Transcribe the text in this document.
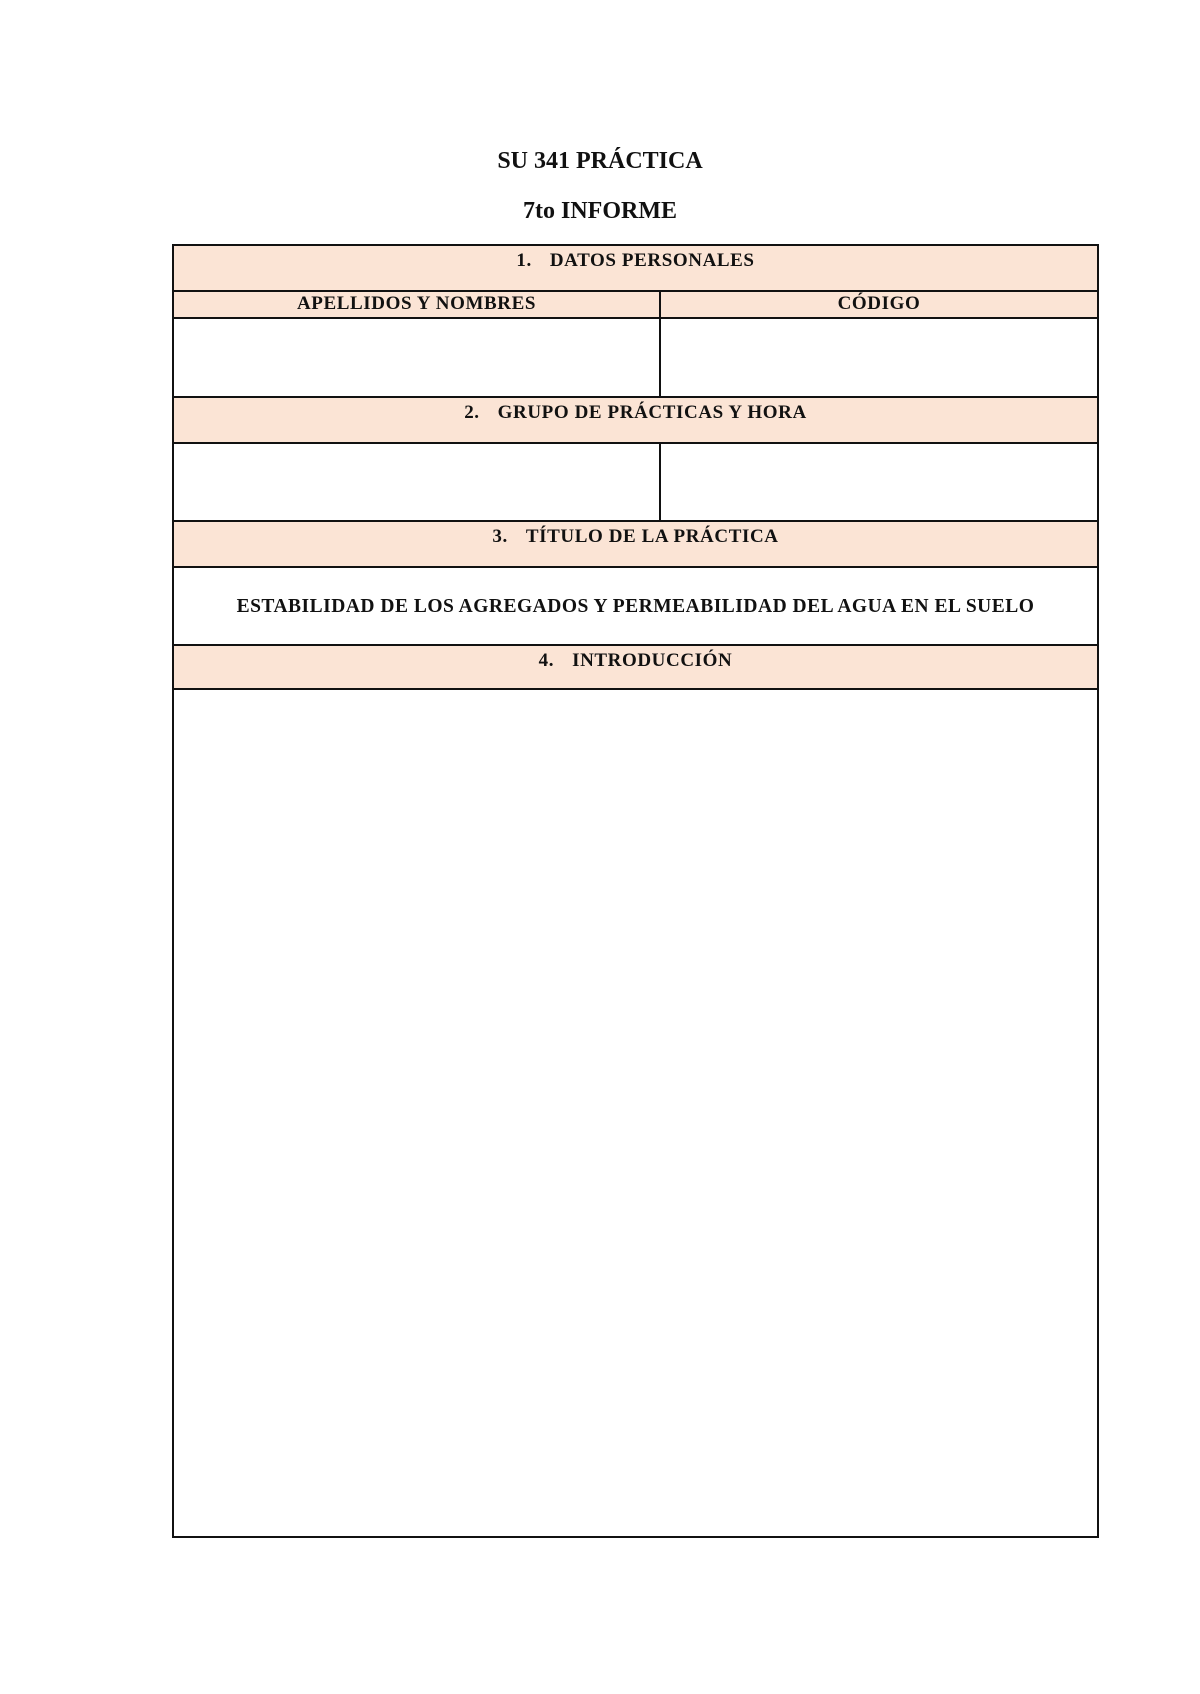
SU 341 PRÁCTICA
7to INFORME
1. DATOS PERSONALES
APELLIDOS Y NOMBRES	CÓDIGO
2. GRUPO DE PRÁCTICAS Y HORA
3. TÍTULO DE LA PRÁCTICA
ESTABILIDAD DE LOS AGREGADOS Y PERMEABILIDAD DEL AGUA EN EL SUELO
4. INTRODUCCIÓN
